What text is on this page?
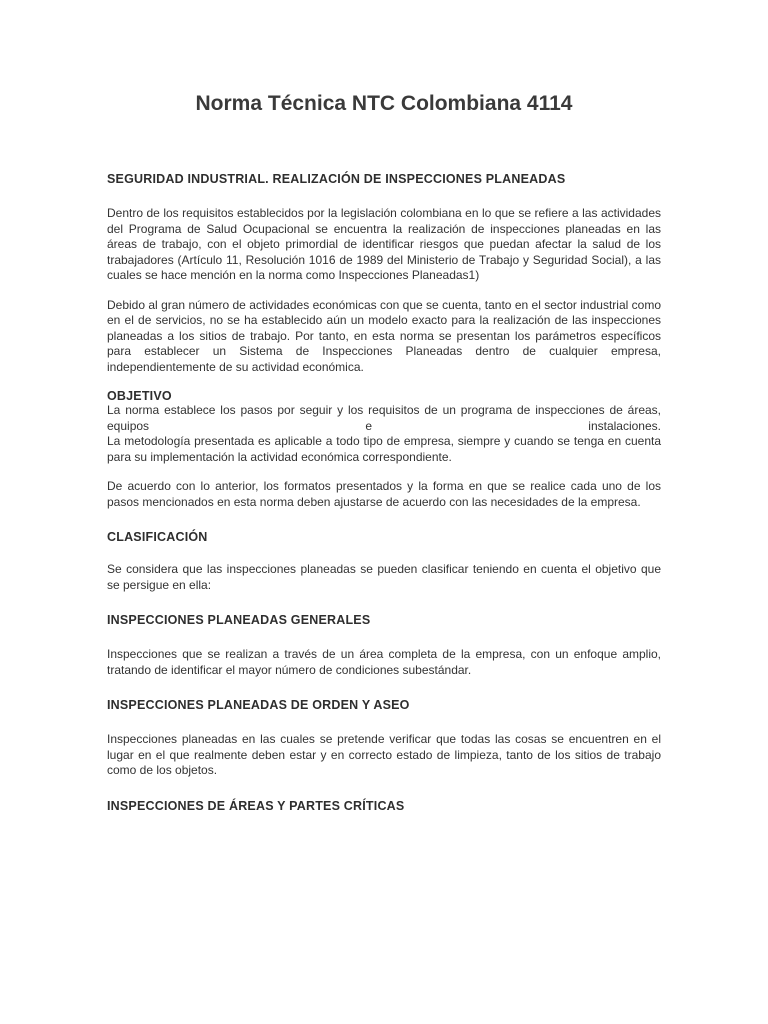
Norma Técnica NTC Colombiana 4114
SEGURIDAD INDUSTRIAL. REALIZACIÓN DE INSPECCIONES PLANEADAS

Dentro de los requisitos establecidos por la legislación colombiana en lo que se refiere a las actividades del Programa de Salud Ocupacional se encuentra la realización de inspecciones planeadas en las áreas de trabajo, con el objeto primordial de identificar riesgos que puedan afectar la salud de los trabajadores (Artículo 11, Resolución 1016 de 1989 del Ministerio de Trabajo y Seguridad Social), a las cuales se hace mención en la norma como Inspecciones Planeadas1)

Debido al gran número de actividades económicas con que se cuenta, tanto en el sector industrial como en el de servicios, no se ha establecido aún un modelo exacto para la realización de las inspecciones planeadas a los sitios de trabajo. Por tanto, en esta norma se presentan los parámetros específicos para establecer un Sistema de Inspecciones Planeadas dentro de cualquier empresa, independientemente de su actividad económica.

OBJETIVO

La norma establece los pasos por seguir y los requisitos de un programa de inspecciones de áreas, equipos e instalaciones.

La metodología presentada es aplicable a todo tipo de empresa, siempre y cuando se tenga en cuenta para su implementación la actividad económica correspondiente.

De acuerdo con lo anterior, los formatos presentados y la forma en que se realice cada uno de los pasos mencionados en esta norma deben ajustarse de acuerdo con las necesidades de la empresa.

CLASIFICACIÓN

Se considera que las inspecciones planeadas se pueden clasificar teniendo en cuenta el objetivo que se persigue en ella:

INSPECCIONES PLANEADAS GENERALES

Inspecciones que se realizan a través de un área completa de la empresa, con un enfoque amplio, tratando de identificar el mayor número de condiciones subestándar.

INSPECCIONES PLANEADAS DE ORDEN Y ASEO

Inspecciones planeadas en las cuales se pretende verificar que todas las cosas se encuentren en el lugar en el que realmente deben estar y en correcto estado de limpieza, tanto de los sitios de trabajo como de los objetos.

INSPECCIONES DE ÁREAS Y PARTES CRÍTICAS
